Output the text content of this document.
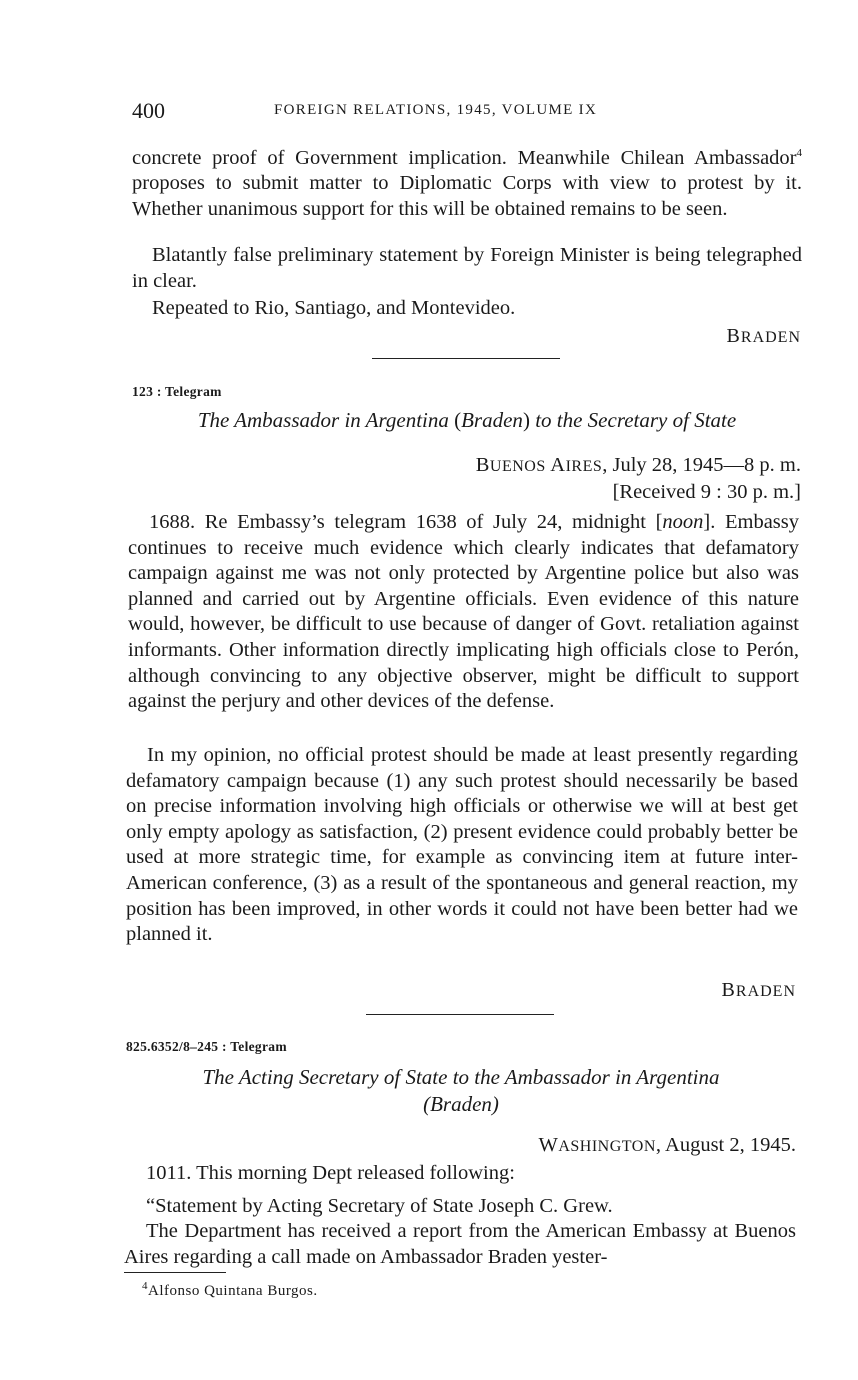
400	FOREIGN RELATIONS, 1945, VOLUME IX

concrete proof of Government implication. Meanwhile Chilean Ambassador$^4$ proposes to submit matter to Diplomatic Corps with view to protest by it. Whether unanimous support for this will be obtained remains to be seen.

Blatantly false preliminary statement by Foreign Minister is being telegraphed in clear.

Repeated to Rio, Santiago, and Montevideo.

BRADEN
123 : Telegram
The Ambassador in Argentina (Braden) to the Secretary of State
BUENOS AIRES, July 28, 1945—8 p. m.
[Received 9 : 30 p. m.]

1688. Re Embassy’s telegram 1638 of July 24, midnight [noon]. Embassy continues to receive much evidence which clearly indicates that defamatory campaign against me was not only protected by Argentine police but also was planned and carried out by Argentine officials. Even evidence of this nature would, however, be difficult to use because of danger of Govt. retaliation against informants. Other information directly implicating high officials close to Perón, although convincing to any objective observer, might be difficult to support against the perjury and other devices of the defense.

In my opinion, no official protest should be made at least presently regarding defamatory campaign because (1) any such protest should necessarily be based on precise information involving high officials or otherwise we will at best get only empty apology as satisfaction, (2) present evidence could probably better be used at more strategic time, for example as convincing item at future inter-American conference, (3) as a result of the spontaneous and general reaction, my position has been improved, in other words it could not have been better had we planned it.

BRADEN
825.6352/8–245 : Telegram
The Acting Secretary of State to the Ambassador in Argentina
(Braden)
WASHINGTON, August 2, 1945.

1011. This morning Dept released following:

“Statement by Acting Secretary of State Joseph C. Grew.

The Department has received a report from the American Embassy at Buenos Aires regarding a call made on Ambassador Braden yester-

$^4$Alfonso Quintana Burgos.
